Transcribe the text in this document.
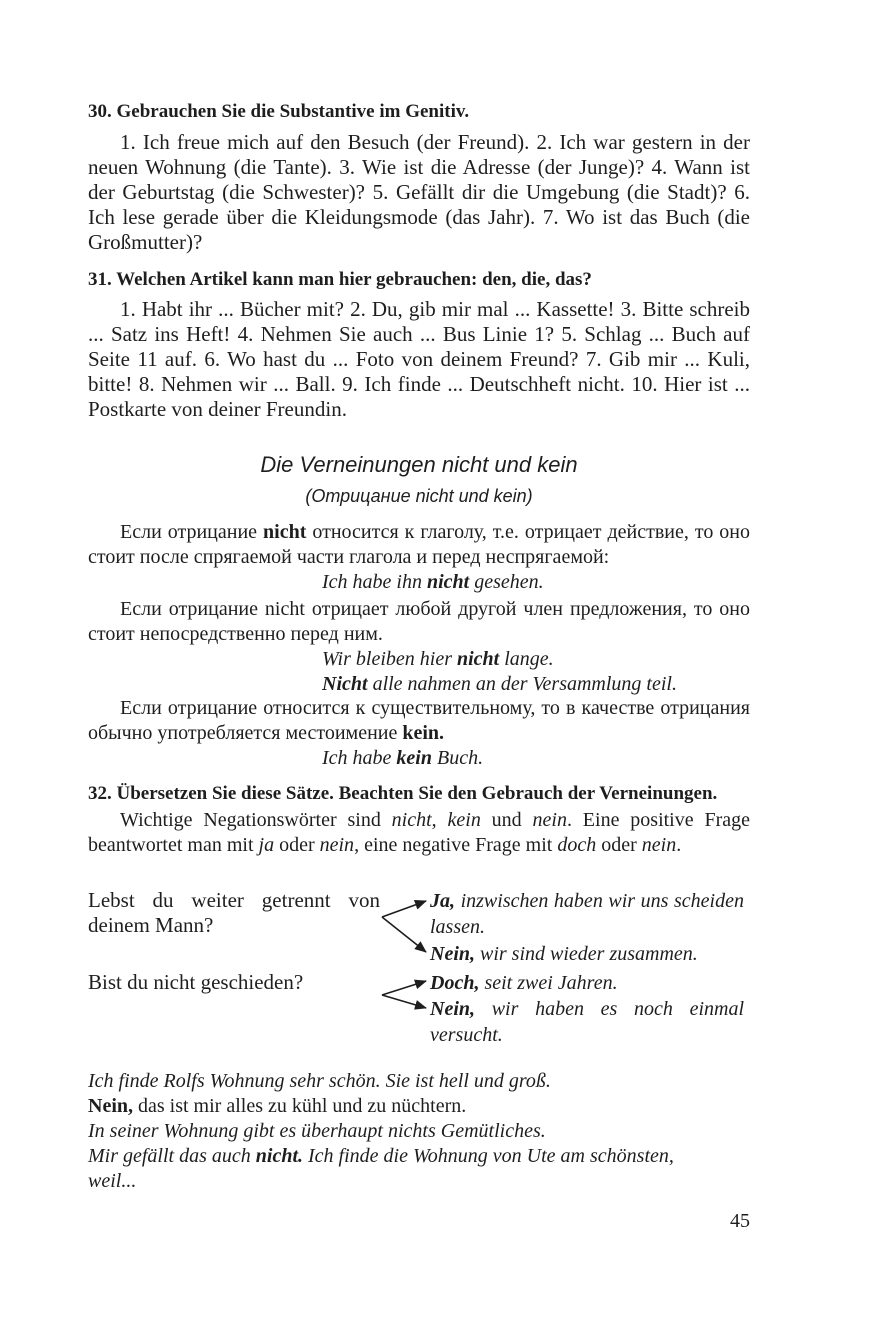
30. Gebrauchen Sie die Substantive im Genitiv.

1. Ich freue mich auf den Besuch (der Freund). 2. Ich war gestern in der neuen Wohnung (die Tante). 3. Wie ist die Adresse (der Junge)? 4. Wann ist der Geburtstag (die Schwester)? 5. Gefällt dir die Umgebung (die Stadt)? 6. Ich lese gerade über die Kleidungsmode (das Jahr). 7. Wo ist das Buch (die Großmutter)?

31. Welchen Artikel kann man hier gebrauchen: den, die, das?

1. Habt ihr ... Bücher mit? 2. Du, gib mir mal ... Kassette! 3. Bitte schreib ... Satz ins Heft! 4. Nehmen Sie auch ... Bus Linie 1? 5. Schlag ... Buch auf Seite 11 auf. 6. Wo hast du ... Foto von deinem Freund? 7. Gib mir ... Kuli, bitte! 8. Nehmen wir ... Ball. 9. Ich finde ... Deutschheft nicht. 10. Hier ist ... Postkarte von deiner Freundin.

Die Verneinungen nicht und kein
(Отрицание nicht und kein)

Если отрицание nicht относится к глаголу, т.е. отрицает действие, то оно стоит после спрягаемой части глагола и перед неспрягаемой:

Ich habe ihn nicht gesehen.

Если отрицание nicht отрицает любой другой член предложения, то оно стоит непосредственно перед ним.

Wir bleiben hier nicht lange.
Nicht alle nahmen an der Versammlung teil.

Если отрицание относится к существительному, то в качестве отрицания обычно употребляется местоимение kein.

Ich habe kein Buch.

32. Übersetzen Sie diese Sätze. Beachten Sie den Gebrauch der Verneinungen.

Wichtige Negationswörter sind nicht, kein und nein. Eine positive Frage beantwortet man mit ja oder nein, eine negative Frage mit doch oder nein.

Lebst du weiter getrennt von deinem Mann?
Ja, inzwischen haben wir uns scheiden lassen.
Nein, wir sind wieder zusammen.
Bist du nicht geschieden?	Doch, seit zwei Jahren.
Nein, wir haben es noch einmal versucht.
Ich finde Rolfs Wohnung sehr schön. Sie ist hell und groß.
Nein, das ist mir alles zu kühl und zu nüchtern.
In seiner Wohnung gibt es überhaupt nichts Gemütliches.
Mir gefällt das auch nicht. Ich finde die Wohnung von Ute am schönsten,
weil...
45
